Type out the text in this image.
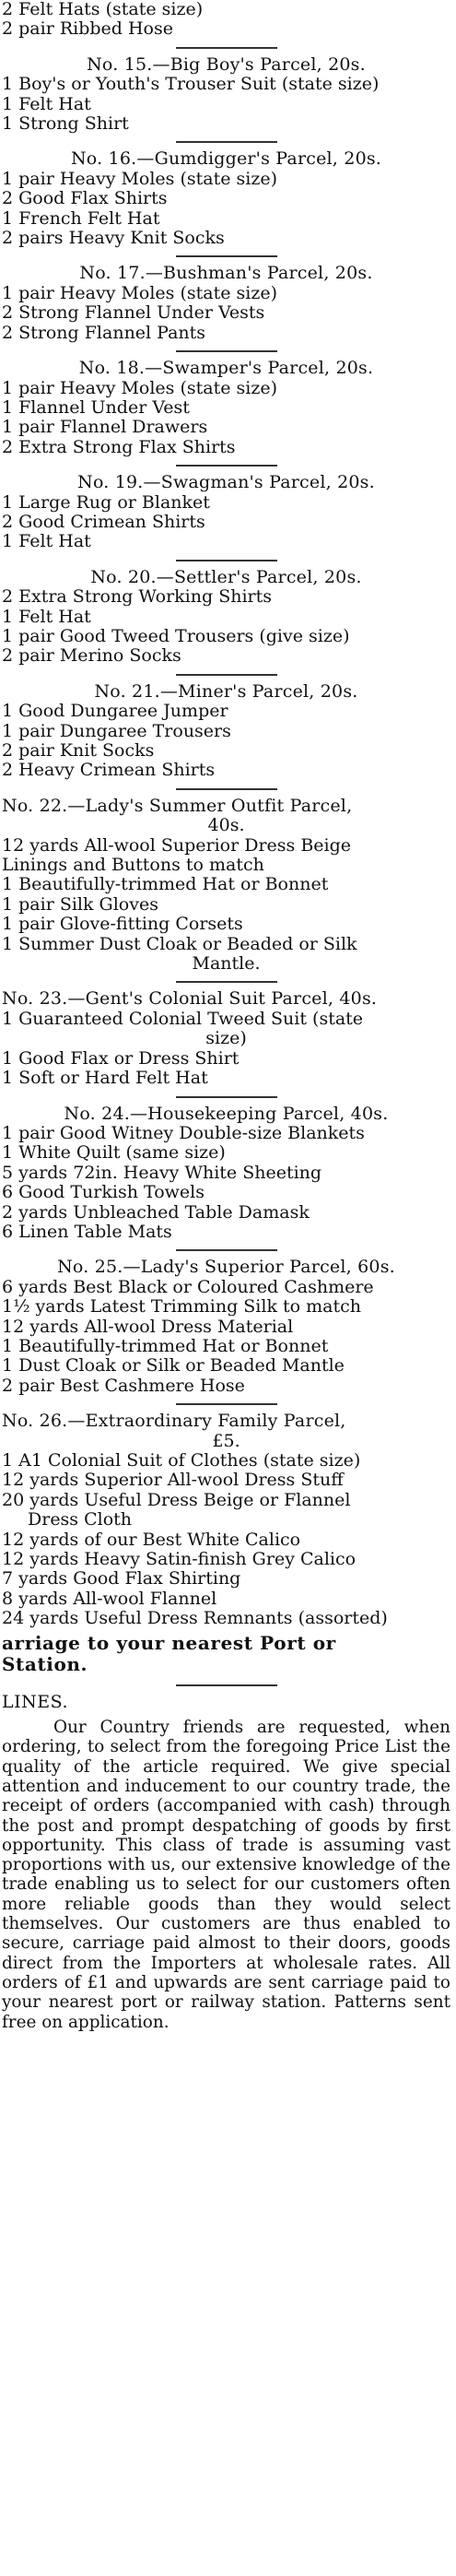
2 Felt Hats (state size)
2 pair Ribbed Hose
No. 15.—Big Boy's Parcel, 20s.
1 Boy's or Youth's Trouser Suit (state size)
1 Felt Hat
1 Strong Shirt
No. 16.—Gumdigger's Parcel, 20s.
1 pair Heavy Moles (state size)
2 Good Flax Shirts
1 French Felt Hat
2 pairs Heavy Knit Socks
No. 17.—Bushman's Parcel, 20s.
1 pair Heavy Moles (state size)
2 Strong Flannel Under Vests
2 Strong Flannel Pants
No. 18.—Swamper's Parcel, 20s.
1 pair Heavy Moles (state size)
1 Flannel Under Vest
1 pair Flannel Drawers
2 Extra Strong Flax Shirts
No. 19.—Swagman's Parcel, 20s.
1 Large Rug or Blanket
2 Good Crimean Shirts
1 Felt Hat
No. 20.—Settler's Parcel, 20s.
2 Extra Strong Working Shirts
1 Felt Hat
1 pair Good Tweed Trousers (give size)
2 pair Merino Socks
No. 21.—Miner's Parcel, 20s.
1 Good Dungaree Jumper
1 pair Dungaree Trousers
2 pair Knit Socks
2 Heavy Crimean Shirts
No. 22.—Lady's Summer Outfit Parcel,
40s.
12 yards All-wool Superior Dress Beige
Linings and Buttons to match
1 Beautifully-trimmed Hat or Bonnet
1 pair Silk Gloves
1 pair Glove-fitting Corsets
1 Summer Dust Cloak or Beaded or Silk
Mantle.
No. 23.—Gent's Colonial Suit Parcel, 40s.
1 Guaranteed Colonial Tweed Suit (state
size)
1 Good Flax or Dress Shirt
1 Soft or Hard Felt Hat
No. 24.—Housekeeping Parcel, 40s.
1 pair Good Witney Double-size Blankets
1 White Quilt (same size)
5 yards 72in. Heavy White Sheeting
6 Good Turkish Towels
2 yards Unbleached Table Damask
6 Linen Table Mats
No. 25.—Lady's Superior Parcel, 60s.
6 yards Best Black or Coloured Cashmere
1½ yards Latest Trimming Silk to match
12 yards All-wool Dress Material
1 Beautifully-trimmed Hat or Bonnet
1 Dust Cloak or Silk or Beaded Mantle
2 pair Best Cashmere Hose
No. 26.—Extraordinary Family Parcel,
£5.
1 A1 Colonial Suit of Clothes (state size)
12 yards Superior All-wool Dress Stuff
20 yards Useful Dress Beige or Flannel
Dress Cloth
12 yards of our Best White Calico
12 yards Heavy Satin-finish Grey Calico
7 yards Good Flax Shirting
8 yards All-wool Flannel
24 yards Useful Dress Remnants (assorted)
arriage to your nearest Port or
Station.
LINES.
Our Country friends are requested, when ordering, to select from the foregoing Price List the quality of the article required. We give special attention and inducement to our country trade, the receipt of orders (accompanied with cash) through the post and prompt despatching of goods by first opportunity. This class of trade is assuming vast proportions with us, our extensive knowledge of the trade enabling us to select for our customers often more reliable goods than they would select themselves. Our customers are thus enabled to secure, carriage paid almost to their doors, goods direct from the Importers at wholesale rates. All orders of £1 and upwards are sent carriage paid to your nearest port or railway station. Patterns sent free on application.
